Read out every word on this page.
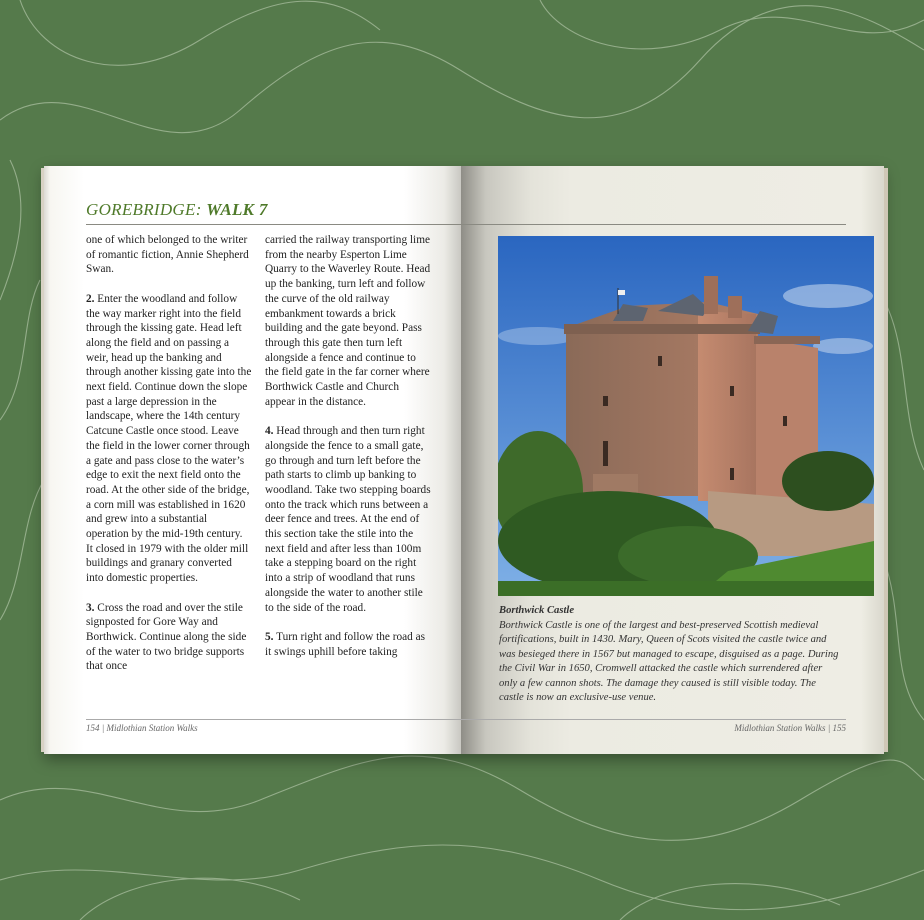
GOREBRIDGE: WALK 7

one of which belonged to the writer of romantic fiction, Annie Shepherd Swan.

2. Enter the woodland and follow the way marker right into the field through the kissing gate. Head left along the field and on passing a weir, head up the banking and through another kissing gate into the next field. Continue down the slope past a large depression in the landscape, where the 14th century Catcune Castle once stood. Leave the field in the lower corner through a gate and pass close to the water’s edge to exit the next field onto the road. At the other side of the bridge, a corn mill was established in 1620 and grew into a substantial operation by the mid-19th century. It closed in 1979 with the older mill buildings and granary converted into domestic properties.

3. Cross the road and over the stile signposted for Gore Way and Borthwick. Continue along the side of the water to two bridge supports that once

carried the railway transporting lime from the nearby Esperton Lime Quarry to the Waverley Route. Head up the banking, turn left and follow the curve of the old railway embankment towards a brick building and the gate beyond. Pass through this gate then turn left alongside a fence and continue to the field gate in the far corner where Borthwick Castle and Church appear in the distance.

4. Head through and then turn right alongside the fence to a small gate, go through and turn left before the path starts to climb up banking to woodland. Take two stepping boards onto the track which runs between a deer fence and trees. At the end of this section take the stile into the next field and after less than 100m take a stepping board on the right into a strip of woodland that runs alongside the water to another stile to the side of the road.

5. Turn right and follow the road as it swings uphill before taking

154 | Midlothian Station Walks
Borthwick Castle
Borthwick Castle is one of the largest and best-preserved Scottish medieval fortifications, built in 1430. Mary, Queen of Scots visited the castle twice and was besieged there in 1567 but managed to escape, disguised as a page. During the Civil War in 1650, Cromwell attacked the castle which surrendered after only a few cannon shots. The damage they caused is still visible today. The castle is now an exclusive-use venue.
Midlothian Station Walks | 155
